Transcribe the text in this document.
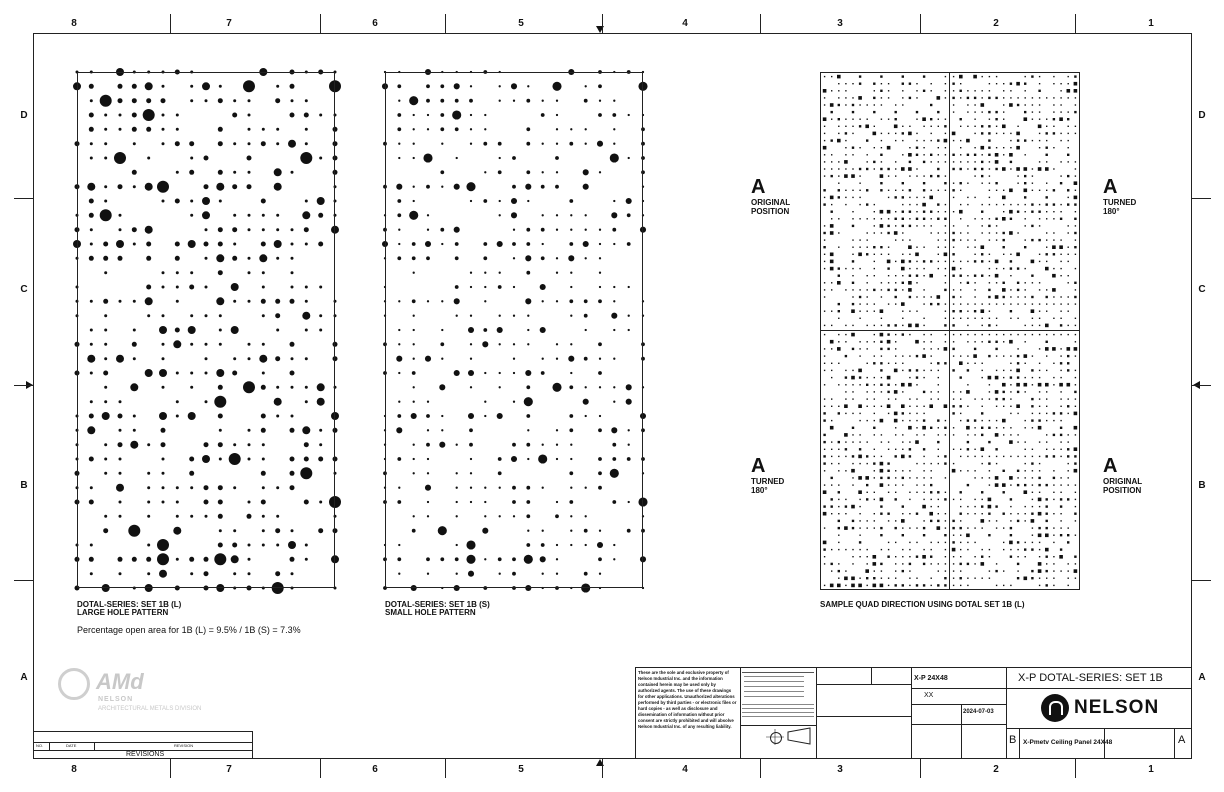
DOTAL-SERIES: SET 1B (L)
LARGE HOLE PATTERN
DOTAL-SERIES: SET 1B (S)
SMALL HOLE PATTERN
Percentage open area for 1B (L) = 9.5% / 1B (S) = 7.3%
SAMPLE QUAD DIRECTION USING DOTAL SET 1B (L)
A
ORIGINAL POSITION
A
TURNED 180°
A
TURNED 180°
A
ORIGINAL POSITION
AMd
NELSON
ARCHITECTURAL METALS DIVISION
NO.	DATE	REVISION
REVISIONS
These are the sole and exclusive property of Nelson Industrial Inc. and the information contained herein may be used only by authorized agents. The use of these drawings for other applications. Unauthorized alterations performed by third parties - or electronic files or hard copies - as well as disclosure and dissemination of information without prior consent are strictly prohibited and will absolve Nelson Industrial Inc. of any resulting liability.
X-P 24X48
XX
2024-07-03
X-P DOTAL-SERIES: SET 1B
NELSON
B X-Pmetv Ceiling Panel 24X48	A
8
8
7
7
6
6
5
5
4
4
3
3
2
2
1
1
D	D
C	C
B	B
A	A
